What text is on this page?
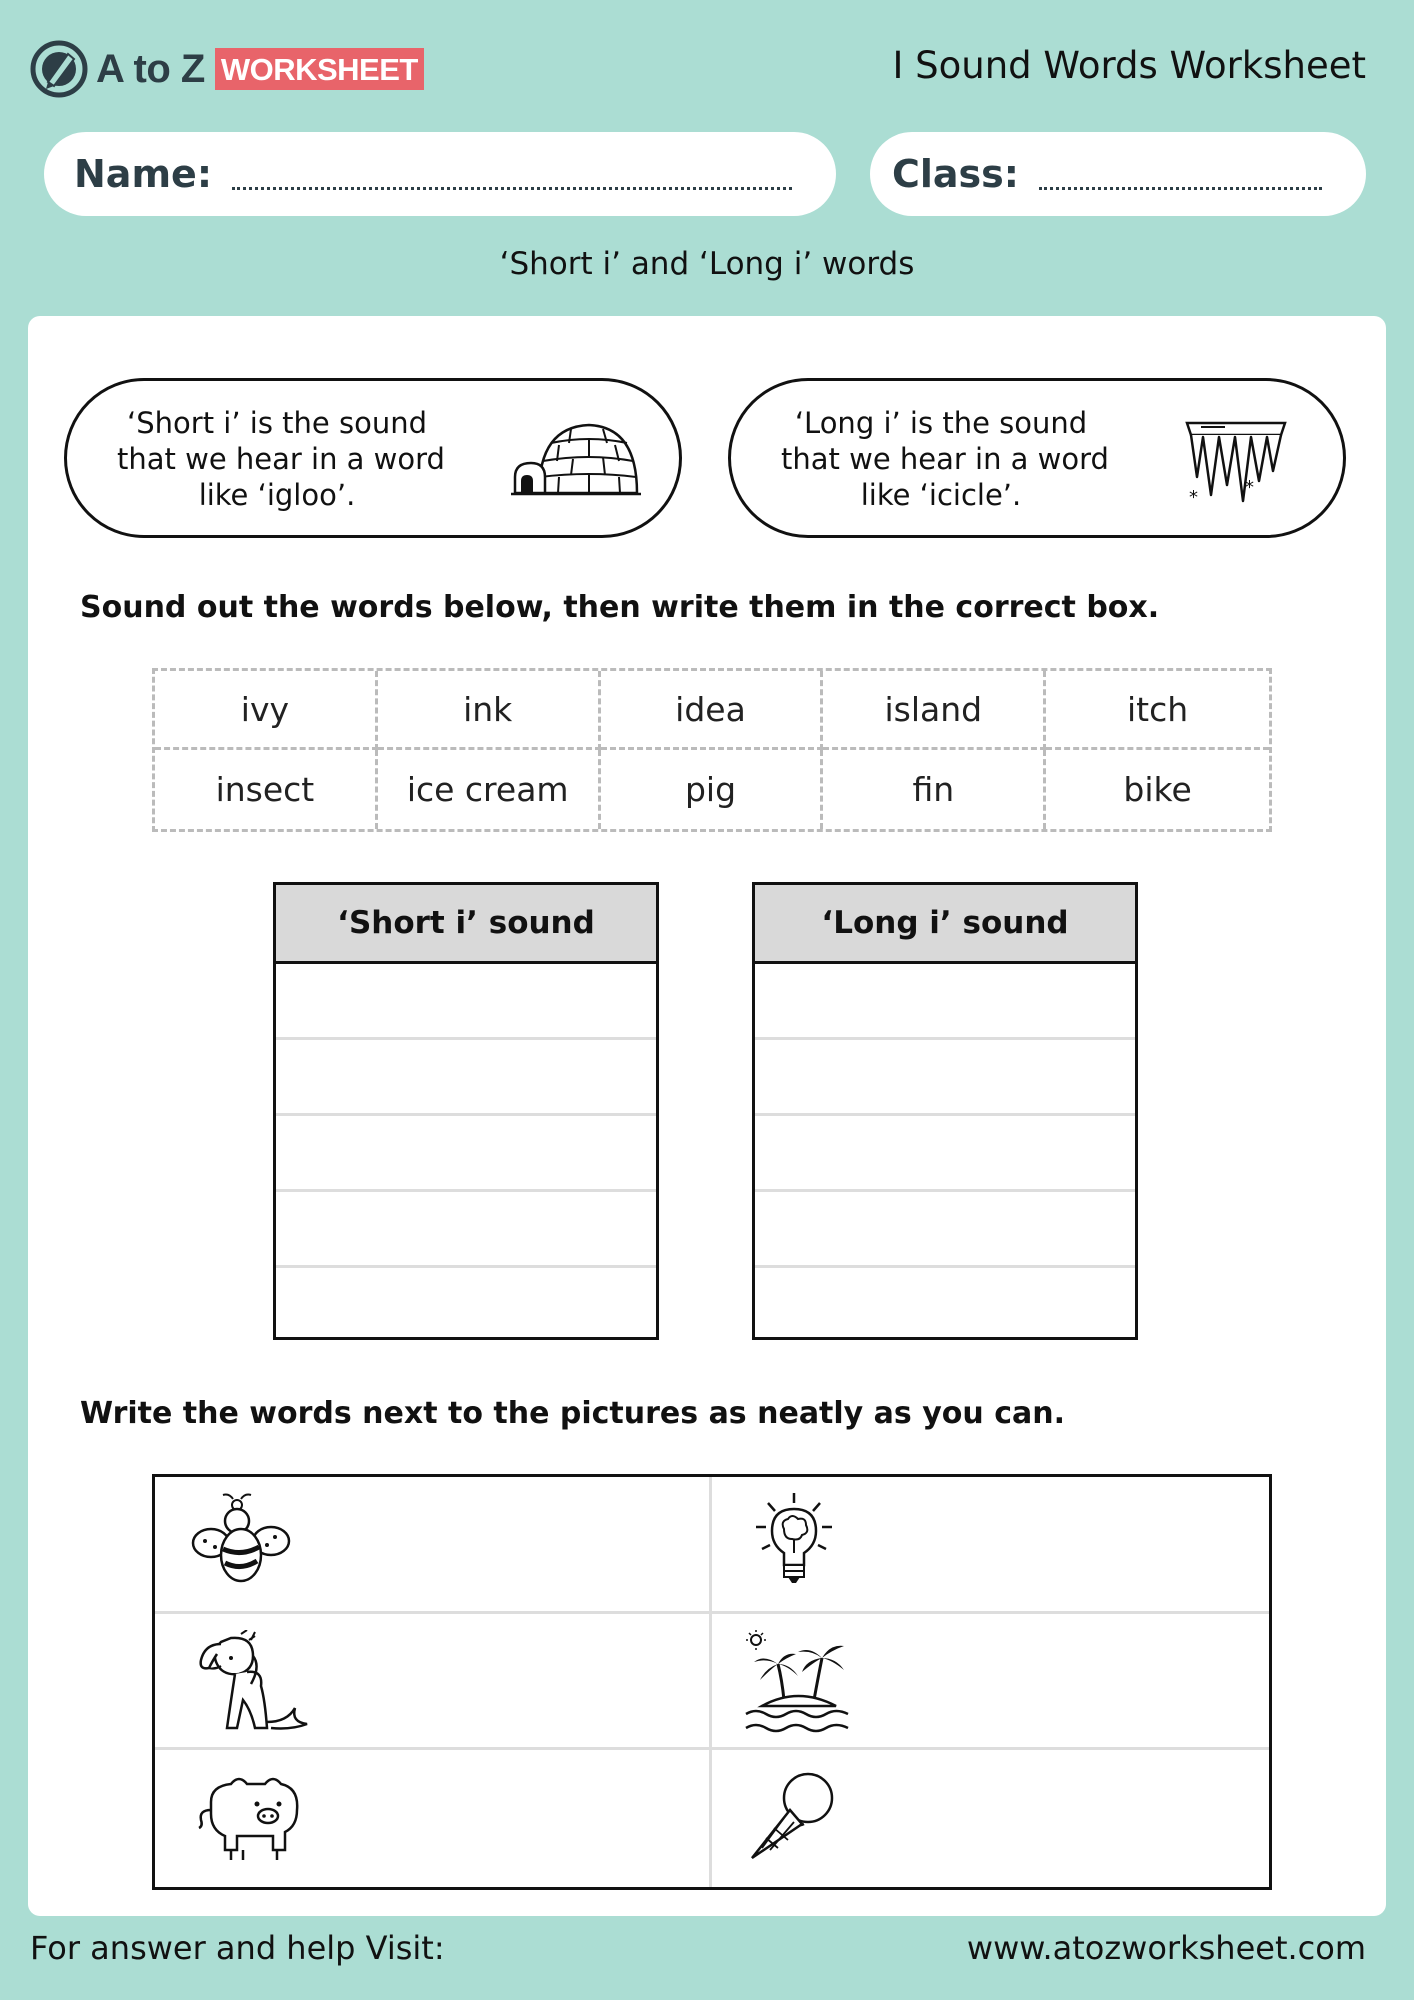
A to Z WORKSHEET	I Sound Words Worksheet
Name:	Class:
‘Short i’ and ‘Long i’ words
‘Short i’ is the sound
that we hear in a word
like ‘igloo’.
‘Long i’ is the sound
that we hear in a word
like ‘icicle’.	*	*
Sound out the words below, then write them in the correct box.
ivy	ink	idea	island	itch
insect	ice cream	pig	fin	bike
‘Short i’ sound	‘Long i’ sound
Write the words next to the pictures as neatly as you can.
For answer and help Visit:	www.atozworksheet.com
